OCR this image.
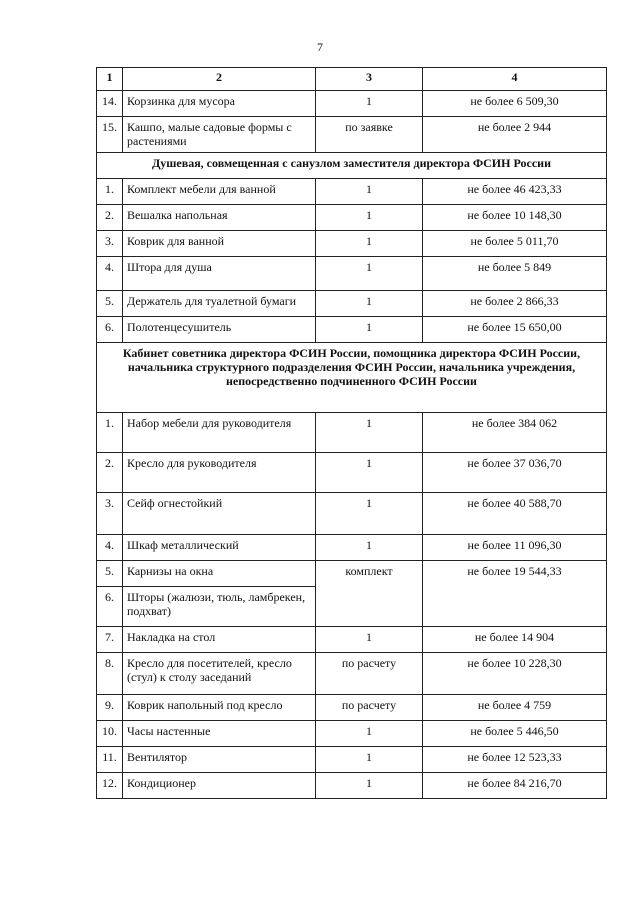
7
1	2	3	4
14.	Корзинка для мусора	1	не более 6 509,30
15.	Кашпо, малые садовые формы с растениями	по заявке	не более 2 944
Душевая, совмещенная с санузлом заместителя директора ФСИН России			
1.	Комплект мебели для ванной	1	не более 46 423,33
2.	Вешалка напольная	1	не более 10 148,30
3.	Коврик для ванной	1	не более 5 011,70
4.	Штора для душа	1	не более 5 849
5.	Держатель для туалетной бумаги	1	не более 2 866,33
6.	Полотенцесушитель	1	не более 15 650,00
Кабинет советника директора ФСИН России, помощника директора ФСИН России, начальника структурного подразделения ФСИН России, начальника учреждения, непосредственно подчиненного ФСИН России			
1.	Набор мебели для руководителя	1	не более 384 062
2.	Кресло для руководителя	1	не более 37 036,70
3.	Сейф огнестойкий	1	не более 40 588,70
4.	Шкаф металлический	1	не более 11 096,30
5.	Карнизы на окна	комплект	не более 19 544,33
6.	Шторы (жалюзи, тюль, ламбрекен, подхват)		
7.	Накладка на стол	1	не более 14 904
8.	Кресло для посетителей, кресло (стул) к столу заседаний	по расчету	не более 10 228,30
9.	Коврик напольный под кресло	по расчету	не более 4 759
10.	Часы настенные	1	не более 5 446,50
11.	Вентилятор	1	не более 12 523,33
12.	Кондиционер	1	не более 84 216,70
